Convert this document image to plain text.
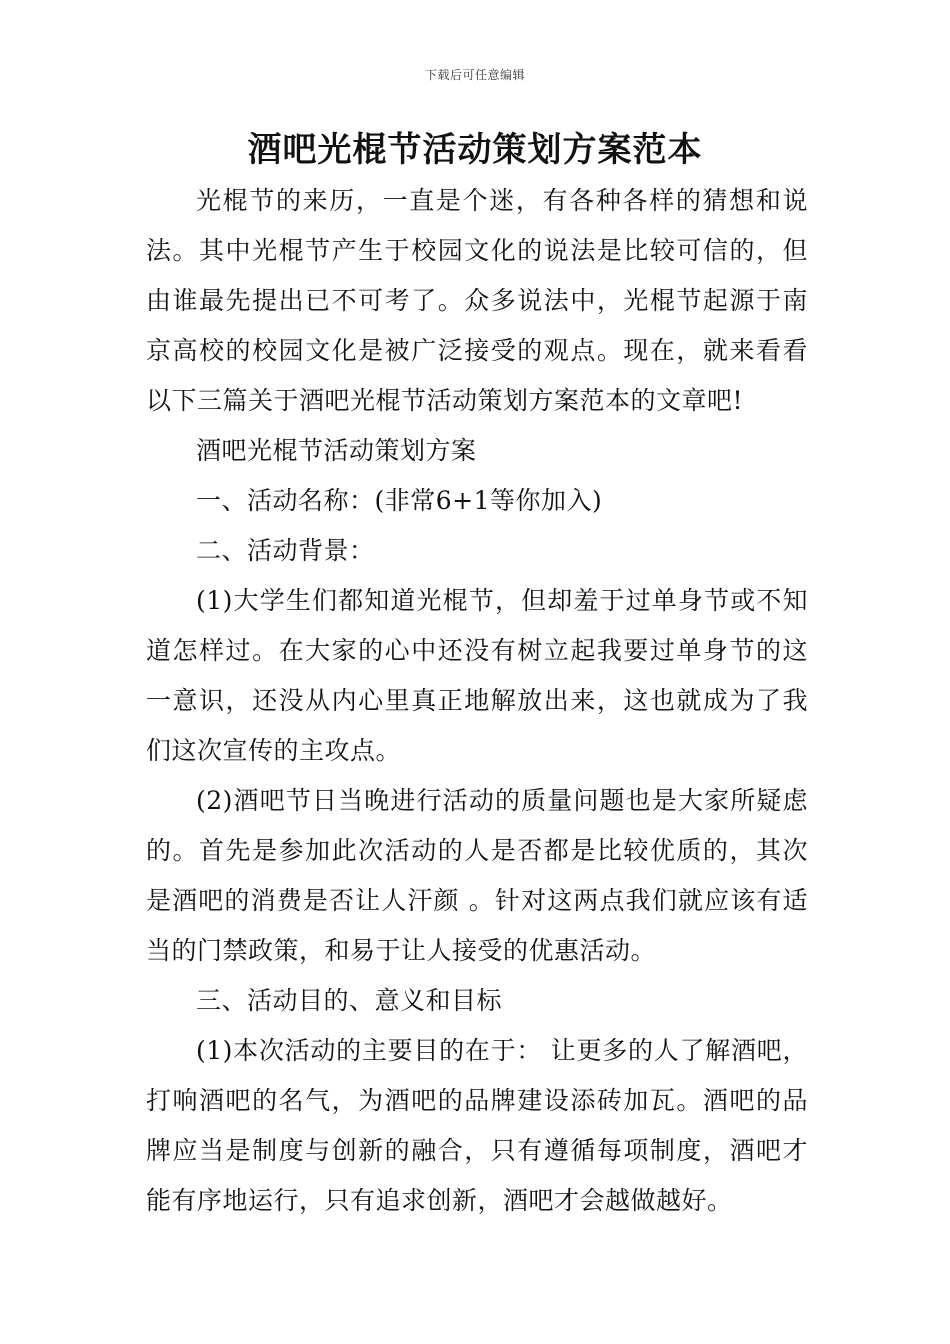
下载后可任意编辑
酒吧光棍节活动策划方案范本

光棍节的来历，一直是个迷，有各种各样的猜想和说法。其中光棍节产生于校园文化的说法是比较可信的，但由谁最先提出已不可考了。众多说法中，光棍节起源于南京高校的校园文化是被广泛接受的观点。现在，就来看看以下三篇关于酒吧光棍节活动策划方案范本的文章吧!

酒吧光棍节活动策划方案

一、活动名称：(非常6+1等你加入)

二、活动背景：

(1)大学生们都知道光棍节，但却羞于过单身节或不知道怎样过。在大家的心中还没有树立起我要过单身节的这一意识，还没从内心里真正地解放出来，这也就成为了我们这次宣传的主攻点。

(2)酒吧节日当晚进行活动的质量问题也是大家所疑虑的。首先是参加此次活动的人是否都是比较优质的，其次是酒吧的消费是否让人汗颜 。针对这两点我们就应该有适当的门禁政策，和易于让人接受的优惠活动。

三、活动目的、意义和目标

(1)本次活动的主要目的在于： 让更多的人了解酒吧，打响酒吧的名气，为酒吧的品牌建设添砖加瓦。酒吧的品牌应当是制度与创新的融合，只有遵循每项制度，酒吧才能有序地运行，只有追求创新，酒吧才会越做越好。
